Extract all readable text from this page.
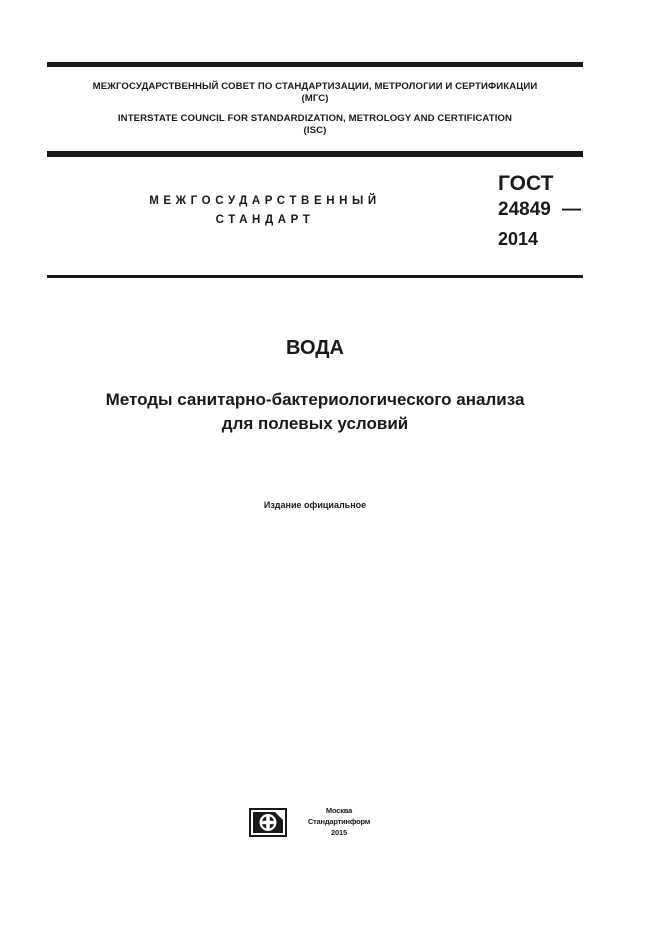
МЕЖГОСУДАРСТВЕННЫЙ СОВЕТ ПО СТАНДАРТИЗАЦИИ, МЕТРОЛОГИИ И СЕРТИФИКАЦИИ
(МГС)
INTERSTATE COUNCIL FOR STANDARDIZATION, METROLOGY AND CERTIFICATION
(ISC)
МЕЖГОСУДАРСТВЕННЫЙ
СТАНДАРТ
ГОСТ
24849 —
2014
ВОДА
Методы санитарно-бактериологического анализа
для полевых условий
Издание официальное
Москва
Стандартинформ
2015
